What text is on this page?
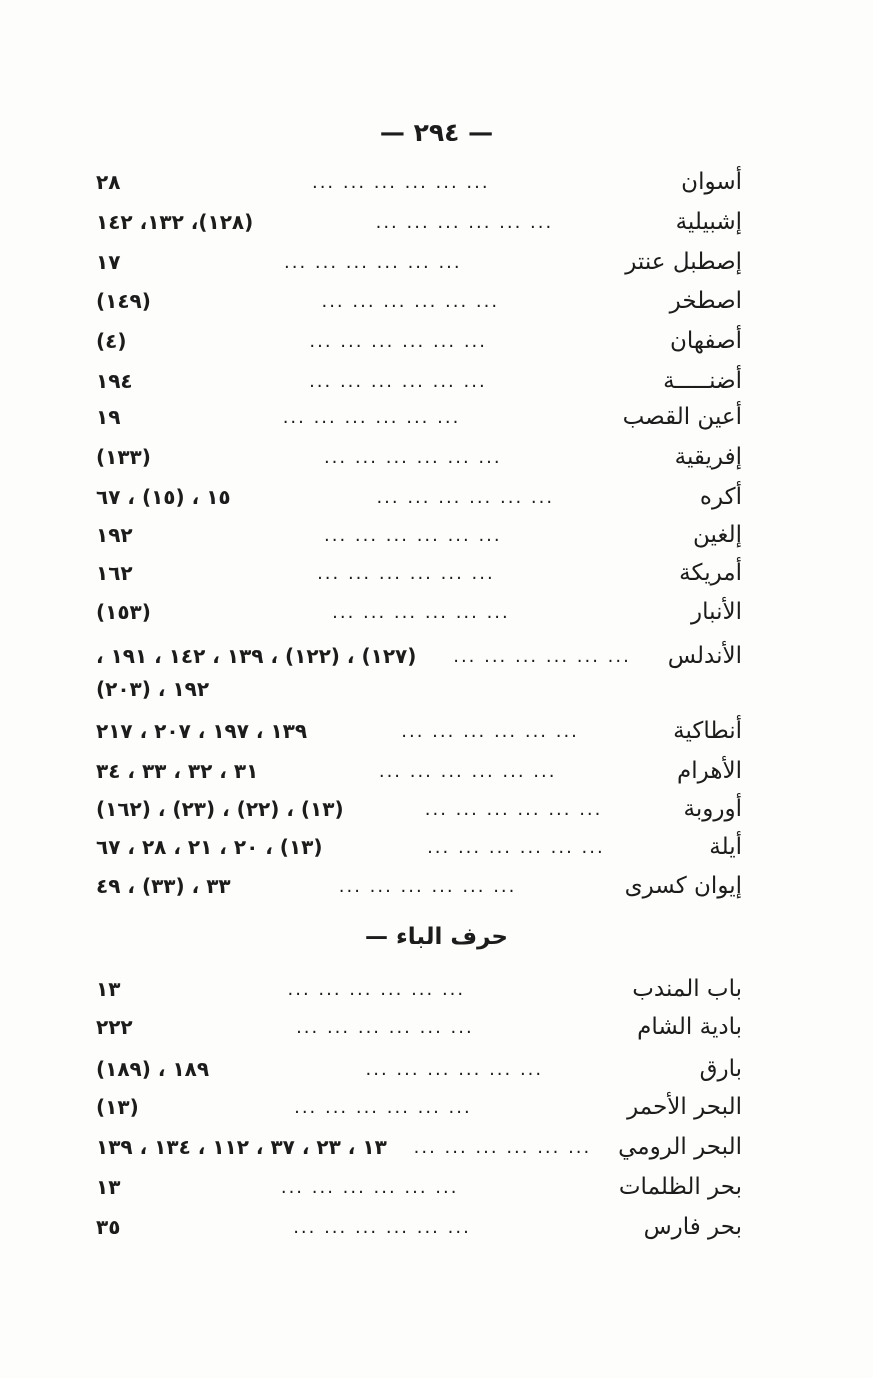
— ٢٩٤ —
أسوان
... ... ... ... ... ...
٢٨
إشبيلية
... ... ... ... ... ...
(١٢٨)، ١٣٢، ١٤٢
إصطبل عنتر
... ... ... ... ... ...
١٧
اصطخر
... ... ... ... ... ...
(١٤٩)
أصفهان
... ... ... ... ... ...
(٤)
أضنـــــة
... ... ... ... ... ...
١٩٤
أعين القصب
... ... ... ... ... ...
١٩
إفريقية
... ... ... ... ... ...
(١٣٣)
أكره
... ... ... ... ... ...
١٥ ، (١٥) ، ٦٧
إلغين
... ... ... ... ... ...
١٩٢
أمريكة
... ... ... ... ... ...
١٦٢
الأنبار
... ... ... ... ... ...
(١٥٣)
الأندلس
... ... ... ... ... ...
(١٢٧) ، (١٢٢) ، ١٣٩ ، ١٤٢ ، ١٩١ ،
١٩٢ ، (٢٠٣)
أنطاكية
... ... ... ... ... ...
١٣٩ ، ١٩٧ ، ٢٠٧ ، ٢١٧
الأهرام
... ... ... ... ... ...
٣١ ، ٣٢ ، ٣٣ ، ٣٤
أوروبة
... ... ... ... ... ...
(١٣) ، (٢٢) ، (٢٣) ، (١٦٢)
أيلة
... ... ... ... ... ...
(١٣) ، ٢٠ ، ٢١ ، ٢٨ ، ٦٧
إيوان كسرى
... ... ... ... ... ...
٣٣ ، (٣٣) ، ٤٩
حرف الباء —
باب المندب
... ... ... ... ... ...
١٣
بادية الشام
... ... ... ... ... ...
٢٢٢
بارق
... ... ... ... ... ...
١٨٩ ، (١٨٩)
البحر الأحمر
... ... ... ... ... ...
(١٣)
البحر الرومي
... ... ... ... ... ...
١٣ ، ٢٣ ، ٣٧ ، ١١٢ ، ١٣٤ ، ١٣٩
بحر الظلمات
... ... ... ... ... ...
١٣
بحر فارس
... ... ... ... ... ...
٣٥
